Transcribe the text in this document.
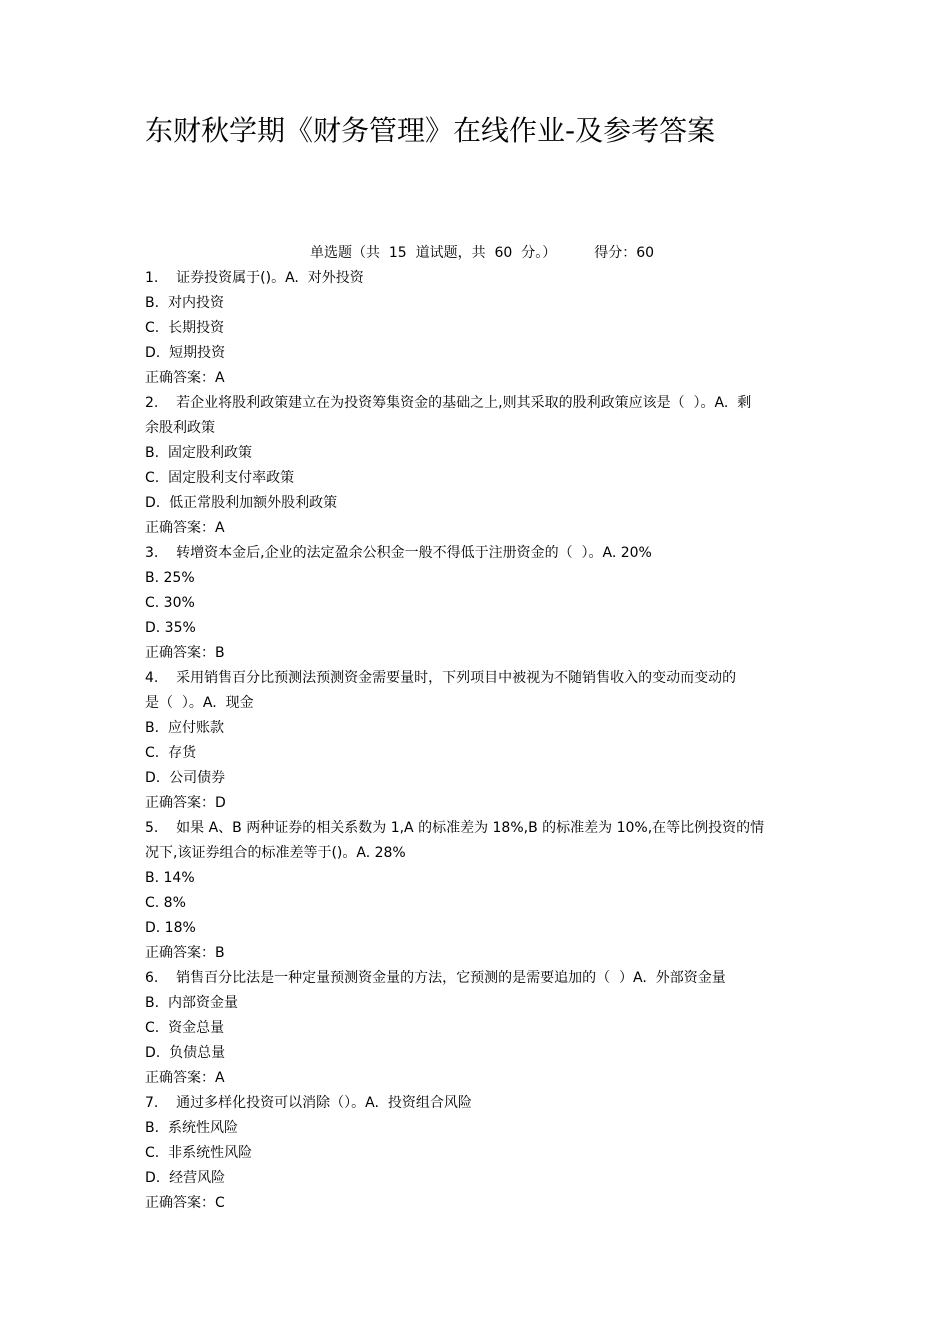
东财秋学期《财务管理》在线作业-及参考答案
单选题（共  15  道试题，共  60  分。）	得分：60
1.    证券投资属于()。A.  对外投资
B.  对内投资
C.  长期投资
D.  短期投资
正确答案：A
2.    若企业将股利政策建立在为投资筹集资金的基础之上,则其采取的股利政策应该是（  ）。A.  剩
余股利政策
B.  固定股利政策
C.  固定股利支付率政策
D.  低正常股利加额外股利政策
正确答案：A
3.    转增资本金后,企业的法定盈余公积金一般不得低于注册资金的（  ）。A. 20%
B. 25%
C. 30%
D. 35%
正确答案：B
4.    采用销售百分比预测法预测资金需要量时，下列项目中被视为不随销售收入的变动而变动的
是（  ）。A.  现金
B.  应付账款
C.  存货
D.  公司债券
正确答案：D
5.    如果 A、B 两种证券的相关系数为 1,A 的标准差为 18%,B 的标准差为 10%,在等比例投资的情
况下,该证券组合的标准差等于()。A. 28%
B. 14%
C. 8%
D. 18%
正确答案：B
6.    销售百分比法是一种定量预测资金量的方法，它预测的是需要追加的（  ）A.  外部资金量
B.  内部资金量
C.  资金总量
D.  负债总量
正确答案：A
7.    通过多样化投资可以消除（）。A.  投资组合风险
B.  系统性风险
C.  非系统性风险
D.  经营风险
正确答案：C
